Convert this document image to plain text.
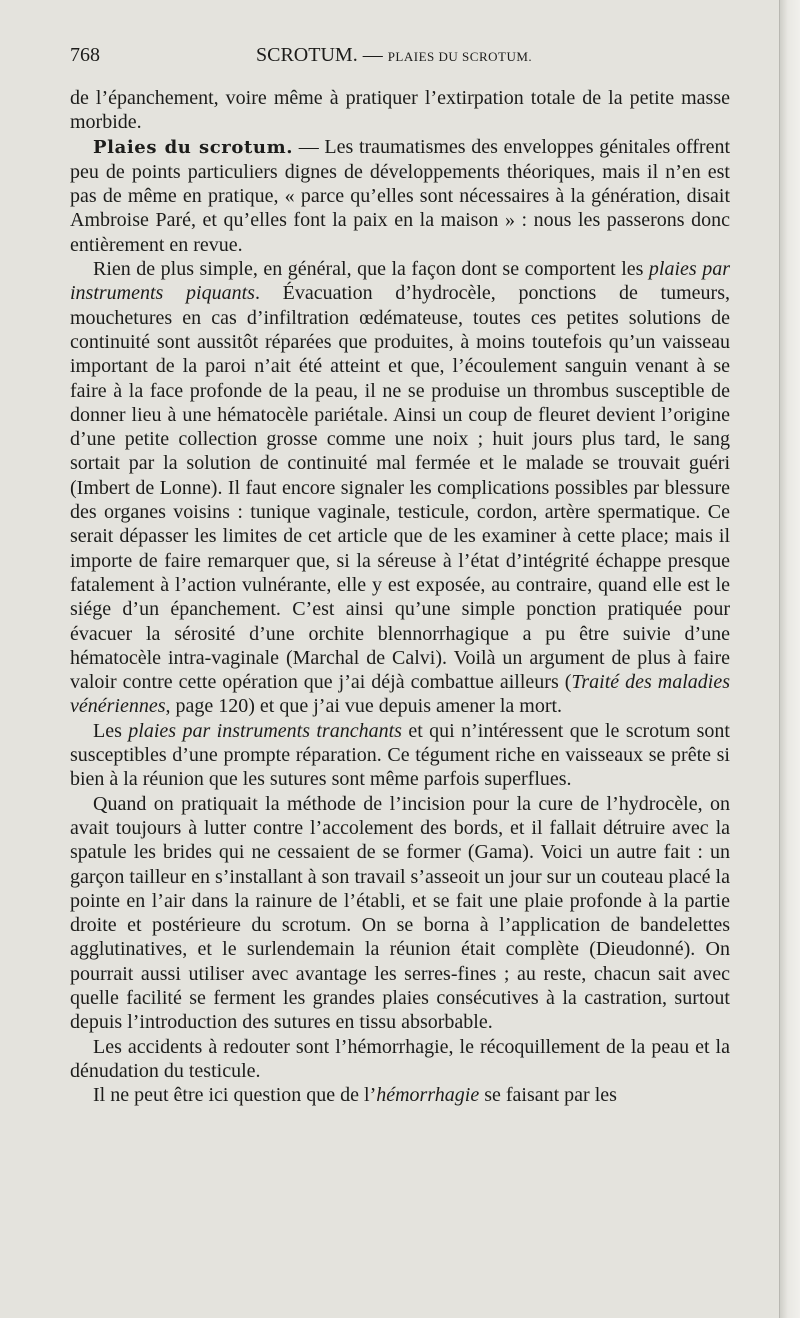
768	SCROTUM. — PLAIES DU SCROTUM.

de l’épanchement, voire même à pratiquer l’extirpation totale de la petite masse morbide.

Plaies du scrotum. — Les traumatismes des enveloppes génitales offrent peu de points particuliers dignes de développements théoriques, mais il n’en est pas de même en pratique, « parce qu’elles sont nécessaires à la génération, disait Ambroise Paré, et qu’elles font la paix en la maison » : nous les passerons donc entièrement en revue.

Rien de plus simple, en général, que la façon dont se comportent les plaies par instruments piquants. Évacuation d’hydrocèle, ponctions de tumeurs, mouchetures en cas d’infiltration œdémateuse, toutes ces petites solutions de continuité sont aussitôt réparées que produites, à moins toutefois qu’un vaisseau important de la paroi n’ait été atteint et que, l’écoulement sanguin venant à se faire à la face profonde de la peau, il ne se produise un thrombus susceptible de donner lieu à une hématocèle pariétale. Ainsi un coup de fleuret devient l’origine d’une petite collection grosse comme une noix ; huit jours plus tard, le sang sortait par la solution de continuité mal fermée et le malade se trouvait guéri (Imbert de Lonne). Il faut encore signaler les complications possibles par blessure des organes voisins : tunique vaginale, testicule, cordon, artère spermatique. Ce serait dépasser les limites de cet article que de les examiner à cette place; mais il importe de faire remarquer que, si la séreuse à l’état d’intégrité échappe presque fatalement à l’action vulnérante, elle y est exposée, au contraire, quand elle est le siége d’un épanchement. C’est ainsi qu’une simple ponction pratiquée pour évacuer la sérosité d’une orchite blennorrhagique a pu être suivie d’une hématocèle intra-vaginale (Marchal de Calvi). Voilà un argument de plus à faire valoir contre cette opération que j’ai déjà combattue ailleurs (Traité des maladies vénériennes, page 120) et que j’ai vue depuis amener la mort.

Les plaies par instruments tranchants et qui n’intéressent que le scrotum sont susceptibles d’une prompte réparation. Ce tégument riche en vaisseaux se prête si bien à la réunion que les sutures sont même parfois superflues.

Quand on pratiquait la méthode de l’incision pour la cure de l’hydrocèle, on avait toujours à lutter contre l’accolement des bords, et il fallait détruire avec la spatule les brides qui ne cessaient de se former (Gama). Voici un autre fait : un garçon tailleur en s’installant à son travail s’asseoit un jour sur un couteau placé la pointe en l’air dans la rainure de l’établi, et se fait une plaie profonde à la partie droite et postérieure du scrotum. On se borna à l’application de bandelettes agglutinatives, et le surlendemain la réunion était complète (Dieudonné). On pourrait aussi utiliser avec avantage les serres-fines ; au reste, chacun sait avec quelle facilité se ferment les grandes plaies consécutives à la castration, surtout depuis l’introduction des sutures en tissu absorbable.

Les accidents à redouter sont l’hémorrhagie, le récoquillement de la peau et la dénudation du testicule.

Il ne peut être ici question que de l’hémorrhagie se faisant par les
